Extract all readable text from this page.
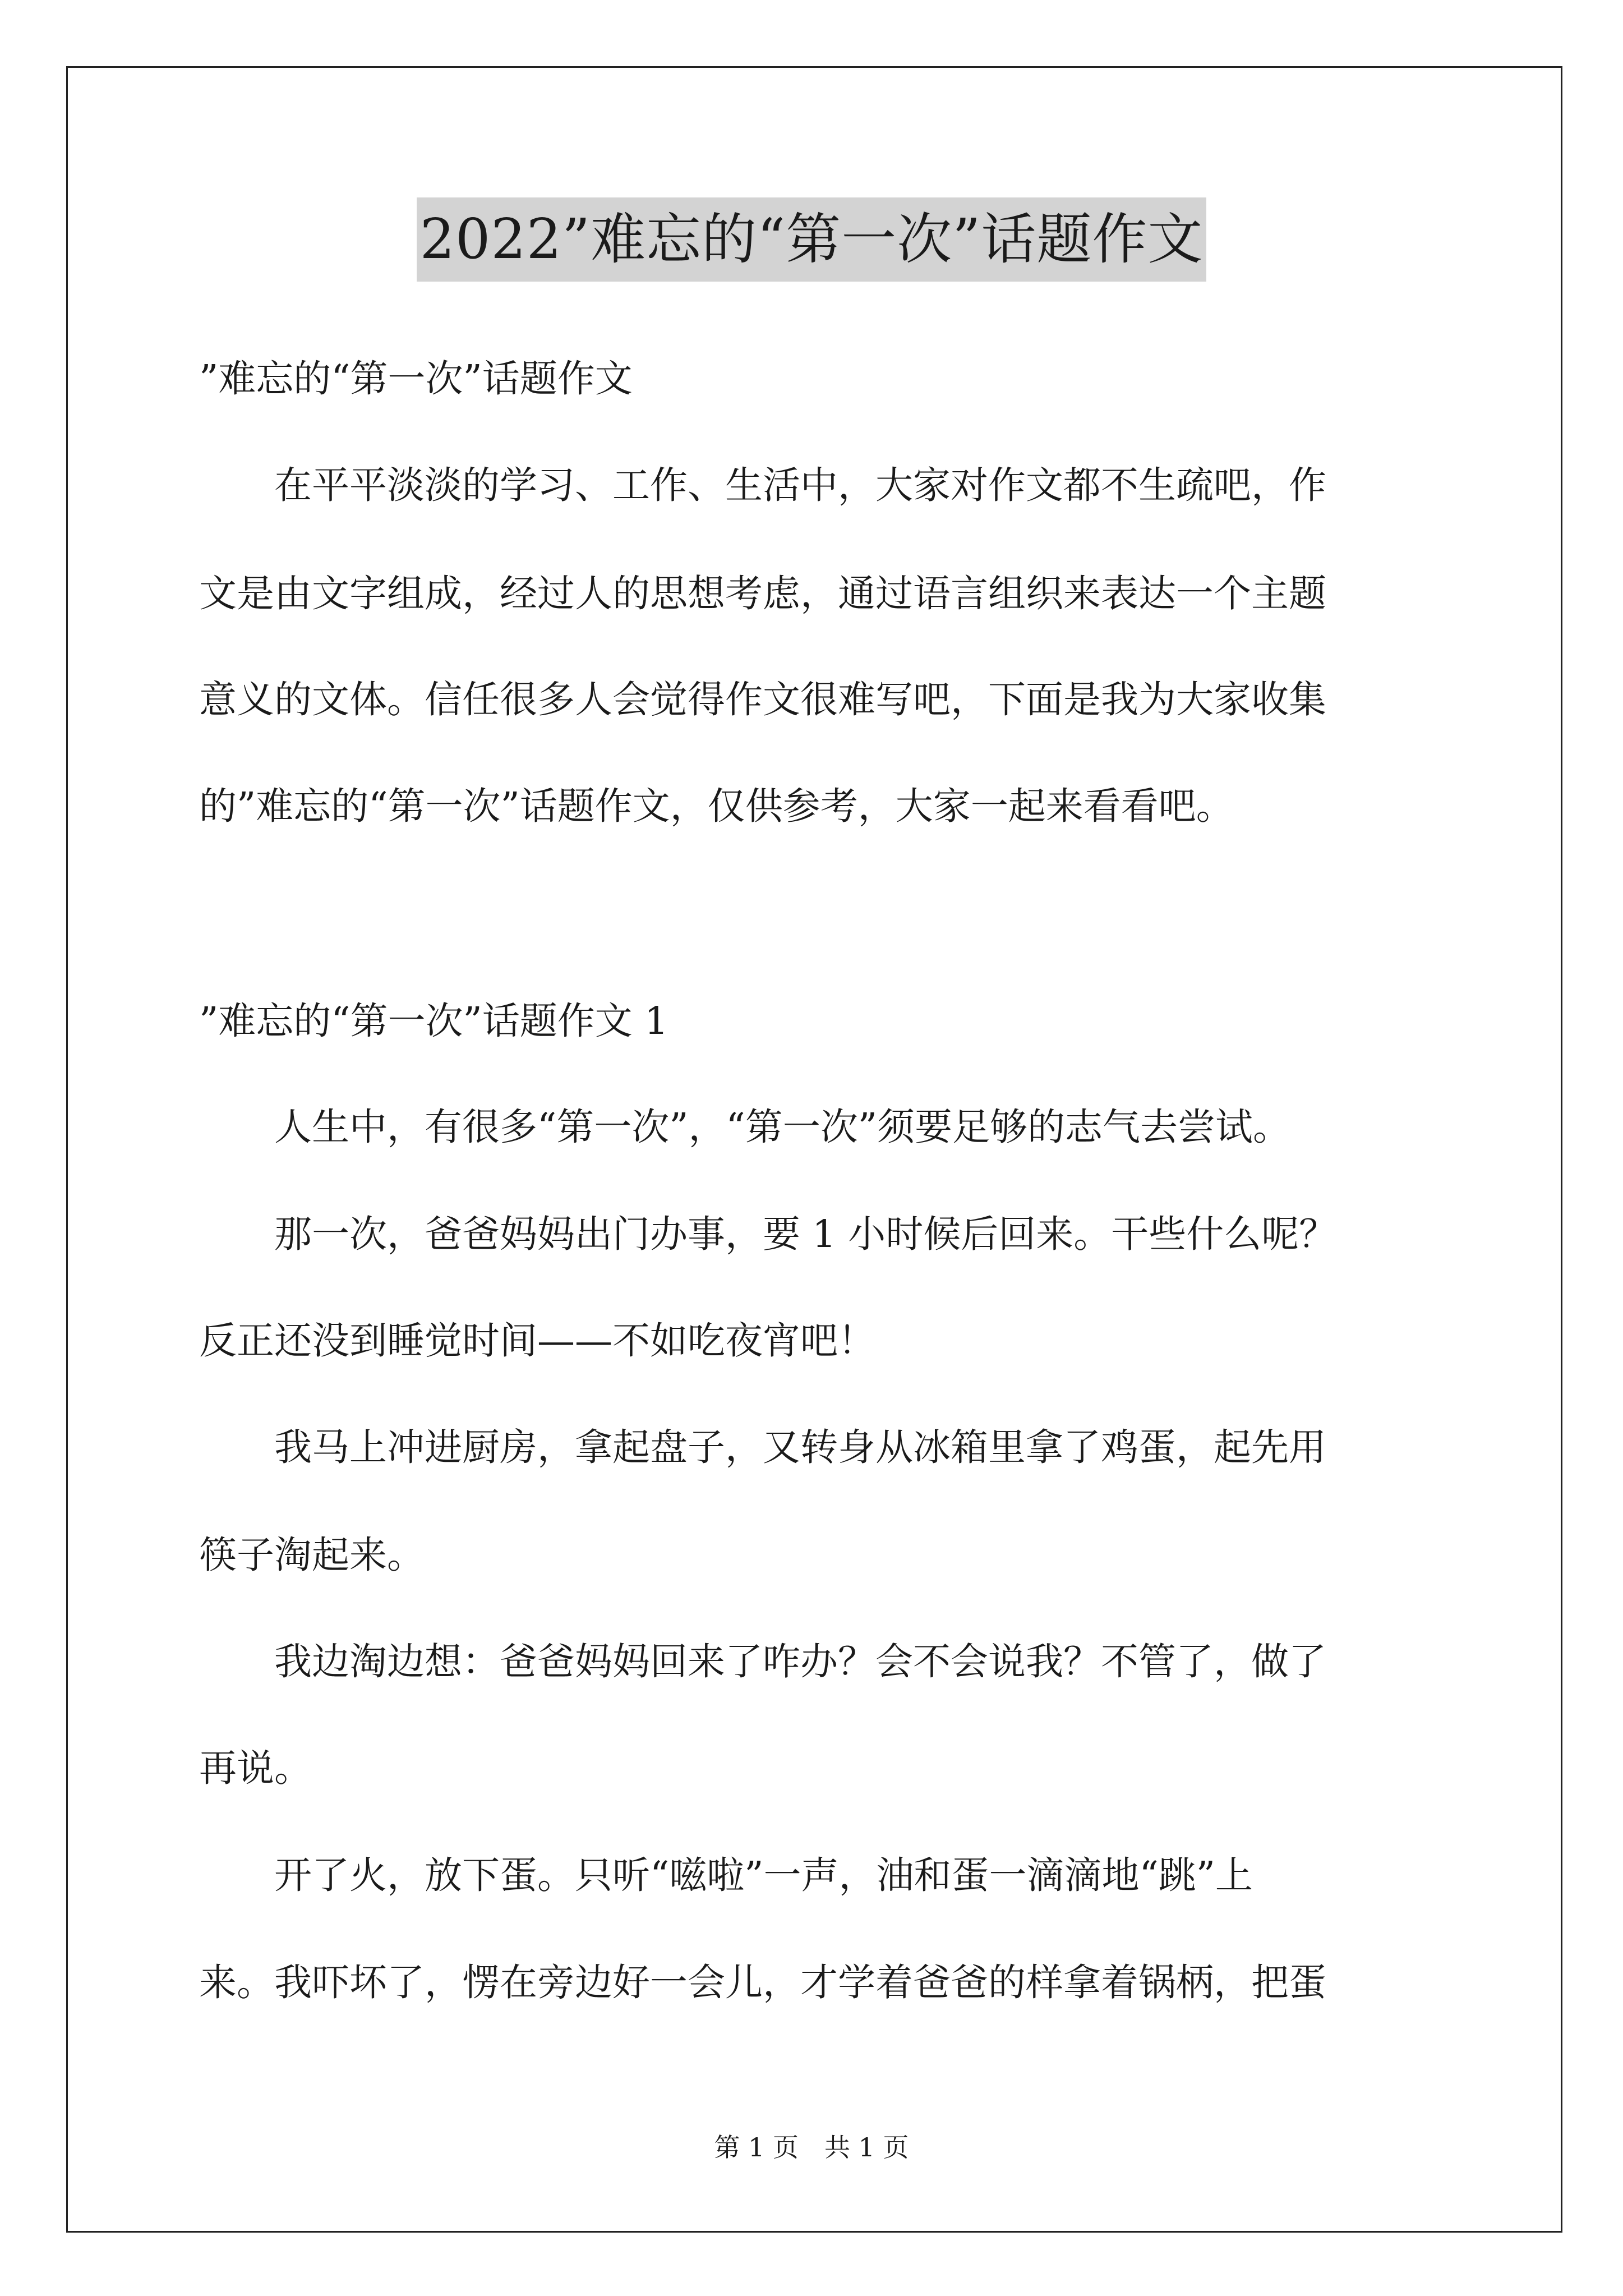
2022”难忘的“第一次”话题作文
”难忘的“第一次”话题作文
　　在平平淡淡的学习、工作、生活中，大家对作文都不生疏吧，作
文是由文字组成，经过人的思想考虑，通过语言组织来表达一个主题
意义的文体。信任很多人会觉得作文很难写吧，下面是我为大家收集
的”难忘的“第一次”话题作文，仅供参考，大家一起来看看吧。
”难忘的“第一次”话题作文 1
　　人生中，有很多“第一次”，“第一次”须要足够的志气去尝试。
　　那一次，爸爸妈妈出门办事，要 1 小时候后回来。干些什么呢？
反正还没到睡觉时间——不如吃夜宵吧！
　　我马上冲进厨房，拿起盘子，又转身从冰箱里拿了鸡蛋，起先用
筷子淘起来。
　　我边淘边想：爸爸妈妈回来了咋办？会不会说我？不管了，做了
再说。
　　开了火，放下蛋。只听“嗞啦”一声，油和蛋一滴滴地“跳”上
来。我吓坏了，愣在旁边好一会儿，才学着爸爸的样拿着锅柄，把蛋
第 1 页　共 1 页
